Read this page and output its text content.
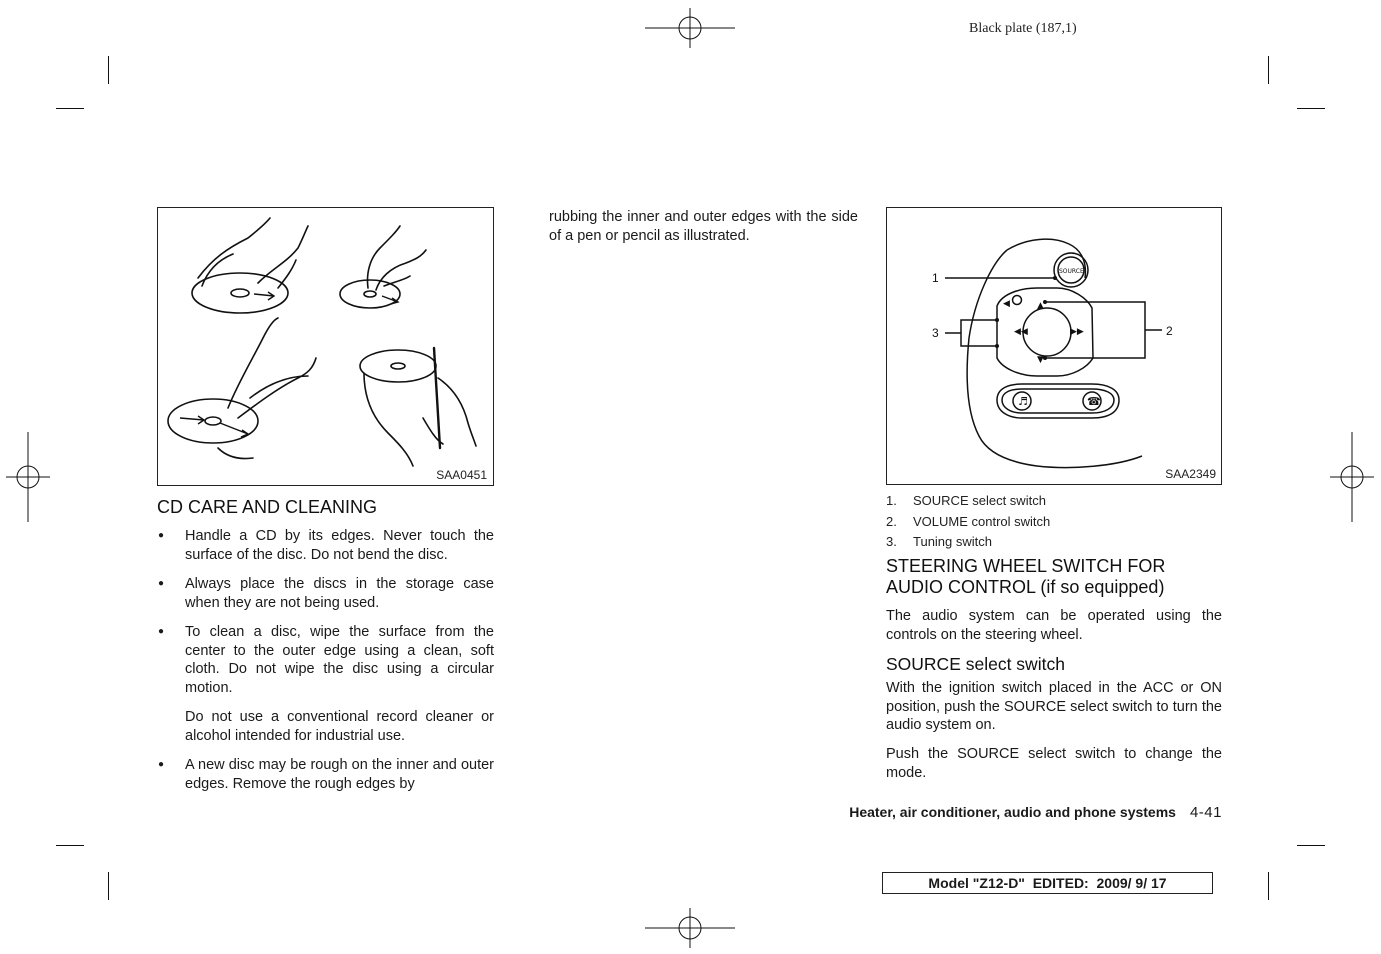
Black plate (187,1)
SAA0451
CD CARE AND CLEANING
● Handle a CD by its edges. Never touch the surface of the disc. Do not bend the disc.
● Always place the discs in the storage case when they are not being used.
● To clean a disc, wipe the surface from the center to the outer edge using a clean, soft cloth. Do not wipe the disc using a circular motion.
Do not use a conventional record cleaner or alcohol intended for industrial use.
● A new disc may be rough on the inner and outer edges. Remove the rough edges by

rubbing the inner and outer edges with the side of a pen or pencil as illustrated.

◀
▶▶
◀◀
▲
▼
♬	☎
SOURCE
1
2
3
SAA2349
1. SOURCE select switch
2. VOLUME control switch
3. Tuning switch
STEERING WHEEL SWITCH FOR
AUDIO CONTROL (if so equipped)

The audio system can be operated using the controls on the steering wheel.

SOURCE select switch

With the ignition switch placed in the ACC or ON position, push the SOURCE select switch to turn the audio system on.

Push the SOURCE select switch to change the mode.

Heater, air conditioner, audio and phone systems 4-41
Model "Z12-D"  EDITED:  2009/ 9/ 17
